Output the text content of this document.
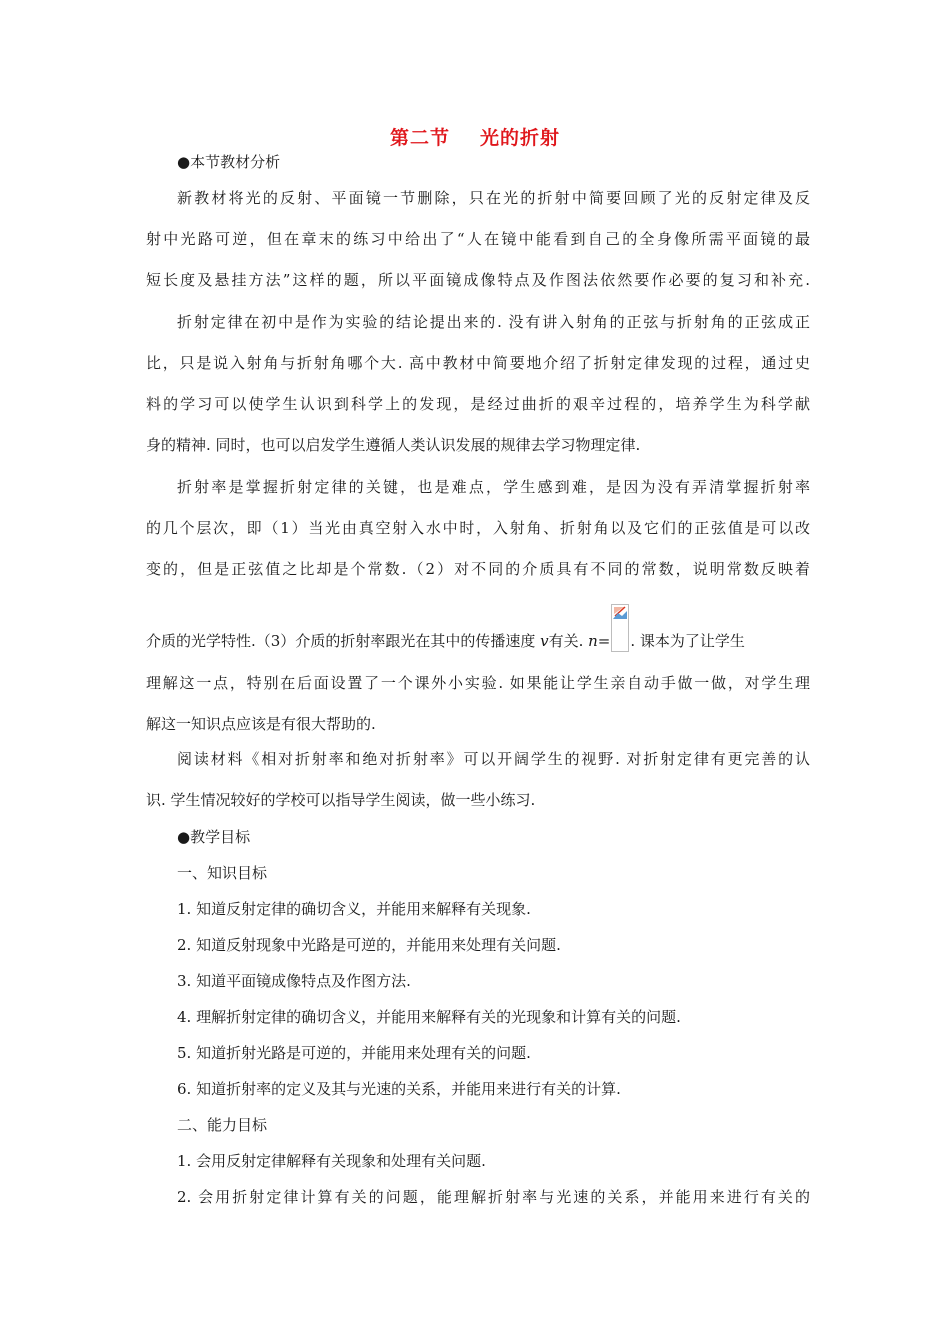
第二节 光的折射
●本节教材分析
新教材将光的反射、平面镜一节删除，只在光的折射中简要回顾了光的反射定律及反
射中光路可逆，但在章末的练习中给出了“人在镜中能看到自己的全身像所需平面镜的最
短长度及悬挂方法”这样的题，所以平面镜成像特点及作图法依然要作必要的复习和补充.
折射定律在初中是作为实验的结论提出来的. 没有讲入射角的正弦与折射角的正弦成正
比，只是说入射角与折射角哪个大. 高中教材中简要地介绍了折射定律发现的过程，通过史
料的学习可以使学生认识到科学上的发现，是经过曲折的艰辛过程的，培养学生为科学献
身的精神. 同时，也可以启发学生遵循人类认识发展的规律去学习物理定律.
折射率是掌握折射定律的关键，也是难点，学生感到难，是因为没有弄清掌握折射率
的几个层次，即（1）当光由真空射入水中时，入射角、折射角以及它们的正弦值是可以改
变的，但是正弦值之比却是个常数.（2）对不同的介质具有不同的常数，说明常数反映着
介质的光学特性.（3）介质的折射率跟光在其中的传播速度 v有关. n= . 课本为了让学生
理解这一点，特别在后面设置了一个课外小实验. 如果能让学生亲自动手做一做，对学生理
解这一知识点应该是有很大帮助的.
阅读材料《相对折射率和绝对折射率》可以开阔学生的视野. 对折射定律有更完善的认
识. 学生情况较好的学校可以指导学生阅读，做一些小练习.
●教学目标
一、知识目标
1. 知道反射定律的确切含义，并能用来解释有关现象.
2. 知道反射现象中光路是可逆的，并能用来处理有关问题.
3. 知道平面镜成像特点及作图方法.
4. 理解折射定律的确切含义，并能用来解释有关的光现象和计算有关的问题.
5. 知道折射光路是可逆的，并能用来处理有关的问题.
6. 知道折射率的定义及其与光速的关系，并能用来进行有关的计算.
二、能力目标
1. 会用反射定律解释有关现象和处理有关问题.
2. 会用折射定律计算有关的问题，能理解折射率与光速的关系，并能用来进行有关的
